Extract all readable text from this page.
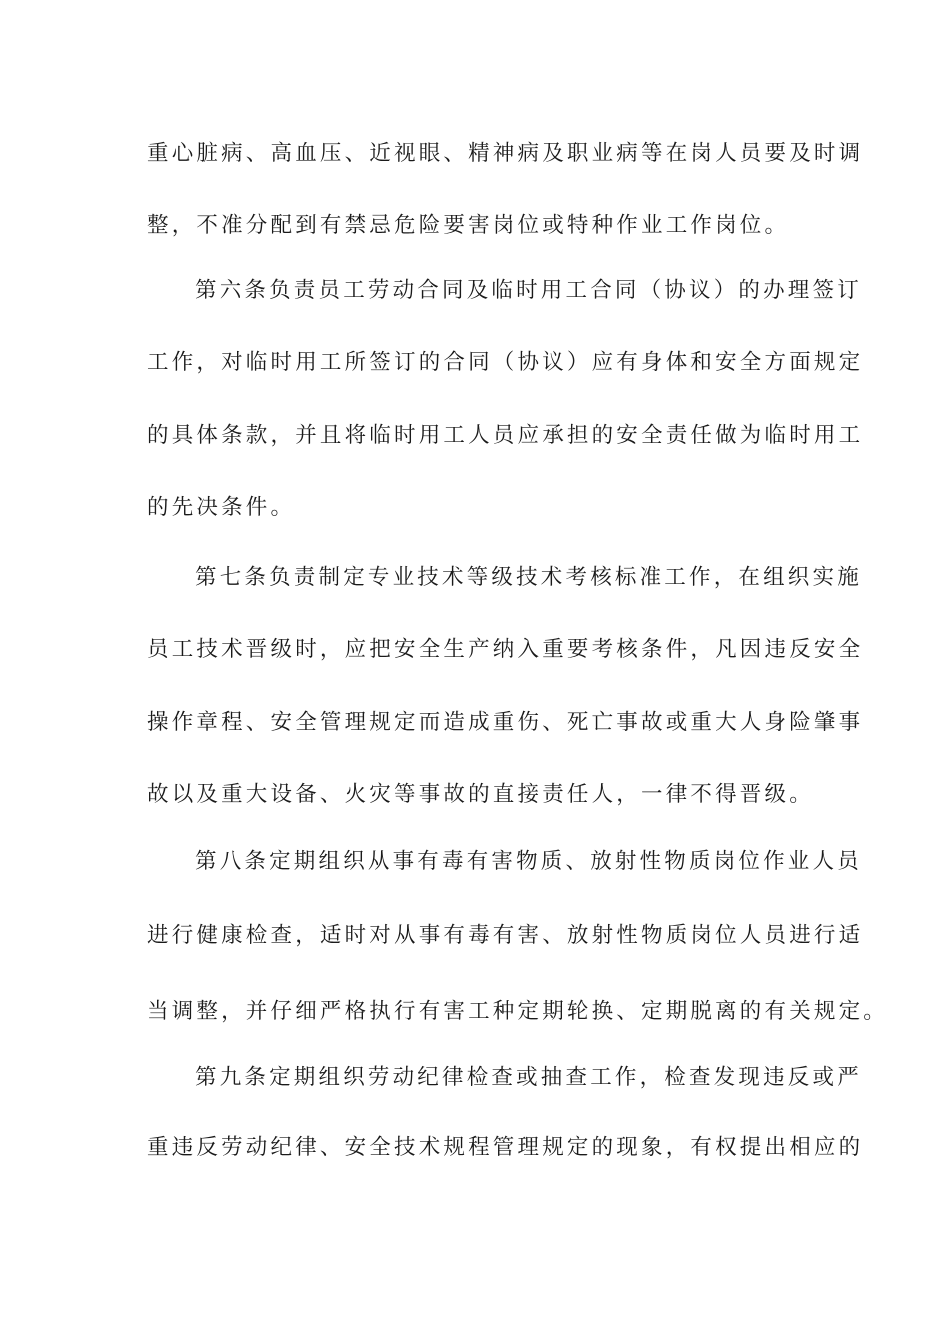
重心脏病、高血压、近视眼、精神病及职业病等在岗人员要及时调
整，不准分配到有禁忌危险要害岗位或特种作业工作岗位。
第六条负责员工劳动合同及临时用工合同（协议）的办理签订
工作，对临时用工所签订的合同（协议）应有身体和安全方面规定
的具体条款，并且将临时用工人员应承担的安全责任做为临时用工
的先决条件。
第七条负责制定专业技术等级技术考核标准工作，在组织实施
员工技术晋级时，应把安全生产纳入重要考核条件，凡因违反安全
操作章程、安全管理规定而造成重伤、死亡事故或重大人身险肇事
故以及重大设备、火灾等事故的直接责任人，一律不得晋级。
第八条定期组织从事有毒有害物质、放射性物质岗位作业人员
进行健康检查，适时对从事有毒有害、放射性物质岗位人员进行适
当调整，并仔细严格执行有害工种定期轮换、定期脱离的有关规定。
第九条定期组织劳动纪律检查或抽查工作，检查发现违反或严
重违反劳动纪律、安全技术规程管理规定的现象，有权提出相应的
